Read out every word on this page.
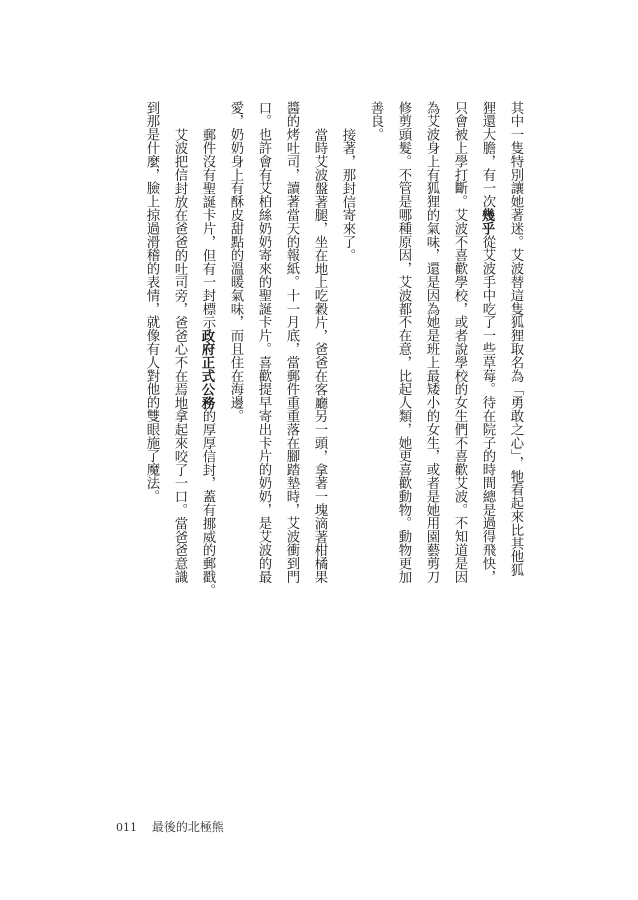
其中一隻特別讓她著迷。艾波替這隻狐狸取名為「勇敢之心」，牠看起來比其他狐
狸還大膽，有一次幾乎從艾波手中吃了一些草莓。待在院子的時間總是過得飛快，
只會被上學打斷。艾波不喜歡學校，或者說學校的女生們不喜歡艾波。不知道是因
為艾波身上有狐狸的氣味，還是因為她是班上最矮小的女生，或者是她用園藝剪刀
修剪頭髮。不管是哪種原因，艾波都不在意，比起人類，她更喜歡動物。動物更加
善良。
接著，那封信寄來了。
當時艾波盤著腿，坐在地上吃穀片，爸爸在客廳另一頭，拿著一塊滴著柑橘果
醬的烤吐司，讀著當天的報紙。十一月底，當郵件重重落在腳踏墊時，艾波衝到門
口。也許會有艾柏絲奶奶寄來的聖誕卡片。喜歡提早寄出卡片的奶奶，是艾波的最
愛，奶奶身上有酥皮甜點的溫暖氣味，而且住在海邊。
郵件沒有聖誕卡片，但有一封標示政府正式公務的厚厚信封，蓋有挪威的郵戳。
艾波把信封放在爸爸的吐司旁，爸爸心不在焉地拿起來咬了一口。當爸爸意識
到那是什麼，臉上掠過滑稽的表情，就像有人對他的雙眼施了魔法。
011 最後的北極熊
